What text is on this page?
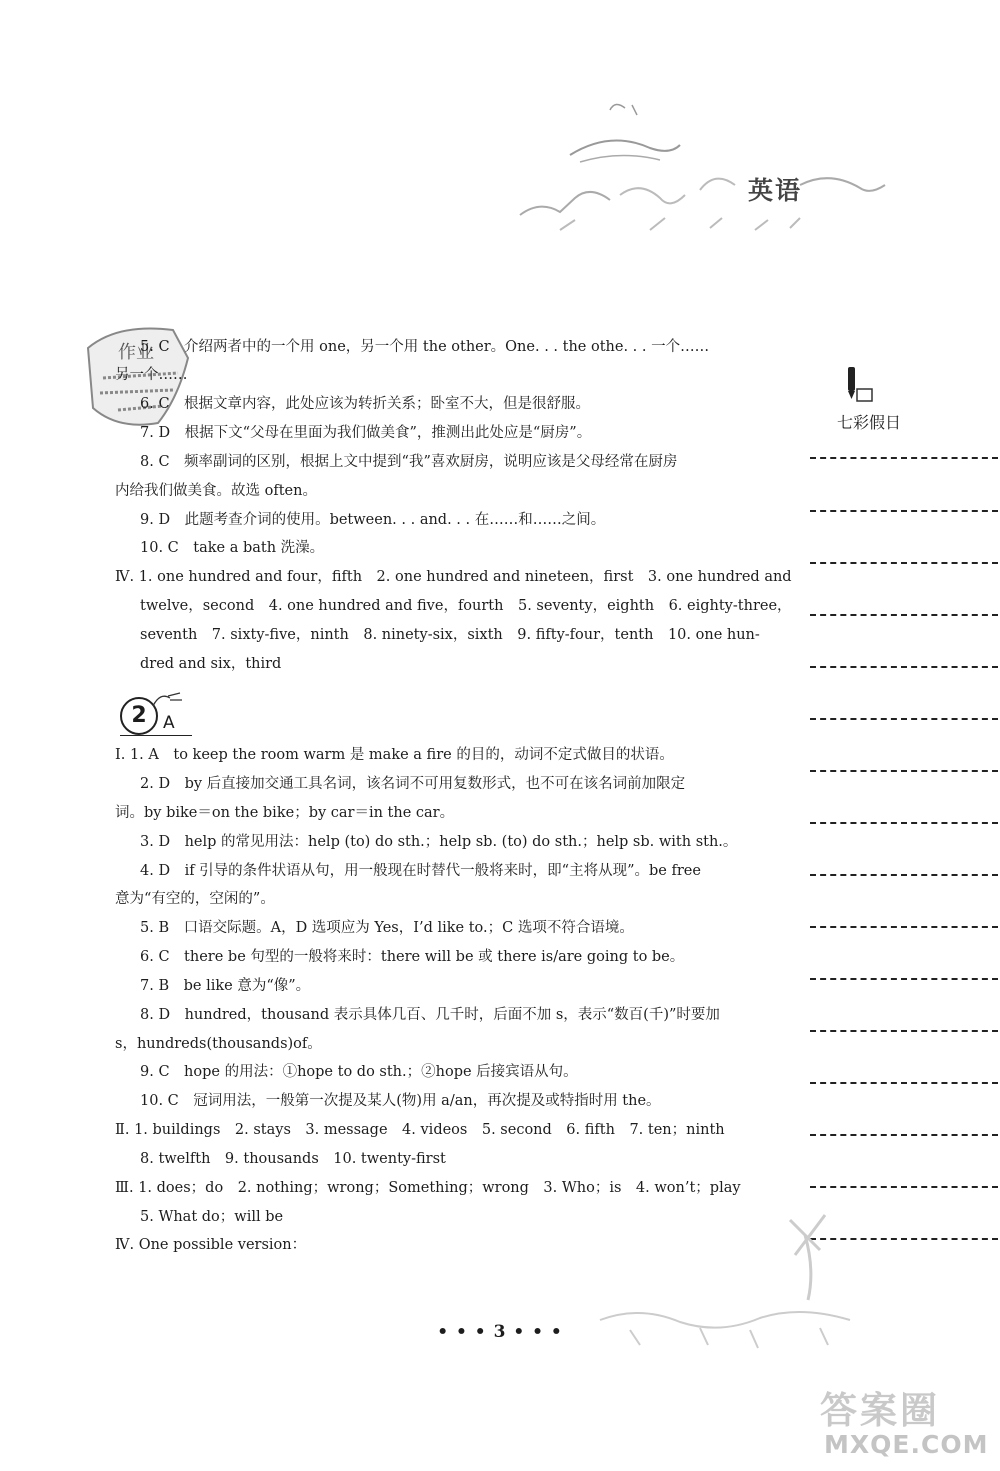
英语
作业
七彩假日
5. C　介绍两者中的一个用 one，另一个用 the other。One. . . the othe. . . 一个……
另一个……
6. C　根据文章内容，此处应该为转折关系；卧室不大，但是很舒服。
7. D　根据下文“父母在里面为我们做美食”，推测出此处应是“厨房”。
8. C　频率副词的区别，根据上文中提到“我”喜欢厨房，说明应该是父母经常在厨房
内给我们做美食。故选 often。
9. D　此题考查介词的使用。between. . . and. . . 在……和……之间。
10. C　take a bath 洗澡。
Ⅳ. 1. one hundred and four，fifth　2. one hundred and nineteen，first　3. one hundred and
twelve，second　4. one hundred and five，fourth　5. seventy，eighth　6. eighty-three，
seventh　7. sixty-five，ninth　8. ninety-six，sixth　9. fifty-four，tenth　10. one hun-
dred and six，third
2 A
Ⅰ. 1. A　to keep the room warm 是 make a fire 的目的，动词不定式做目的状语。
2. D　by 后直接加交通工具名词，该名词不可用复数形式，也不可在该名词前加限定
词。by bike＝on the bike；by car＝in the car。
3. D　help 的常见用法：help (to) do sth.；help sb. (to) do sth.；help sb. with sth.。
4. D　if 引导的条件状语从句，用一般现在时替代一般将来时，即“主将从现”。be free
意为“有空的，空闲的”。
5. B　口语交际题。A，D 选项应为 Yes，I’d like to.；C 选项不符合语境。
6. C　there be 句型的一般将来时：there will be 或 there is/are going to be。
7. B　be like 意为“像”。
8. D　hundred，thousand 表示具体几百、几千时，后面不加 s，表示“数百(千)”时要加
s，hundreds(thousands)of。
9. C　hope 的用法：①hope to do sth.；②hope 后接宾语从句。
10. C　冠词用法，一般第一次提及某人(物)用 a/an，再次提及或特指时用 the。
Ⅱ. 1. buildings　2. stays　3. message　4. videos　5. second　6. fifth　7. ten；ninth
8. twelfth　9. thousands　10. twenty-first
Ⅲ. 1. does；do　2. nothing；wrong；Something；wrong　3. Who；is　4. won’t；play
5. What do；will be
Ⅳ. One possible version：
• • • 3 • • •
答案圈
MXQE.COM
